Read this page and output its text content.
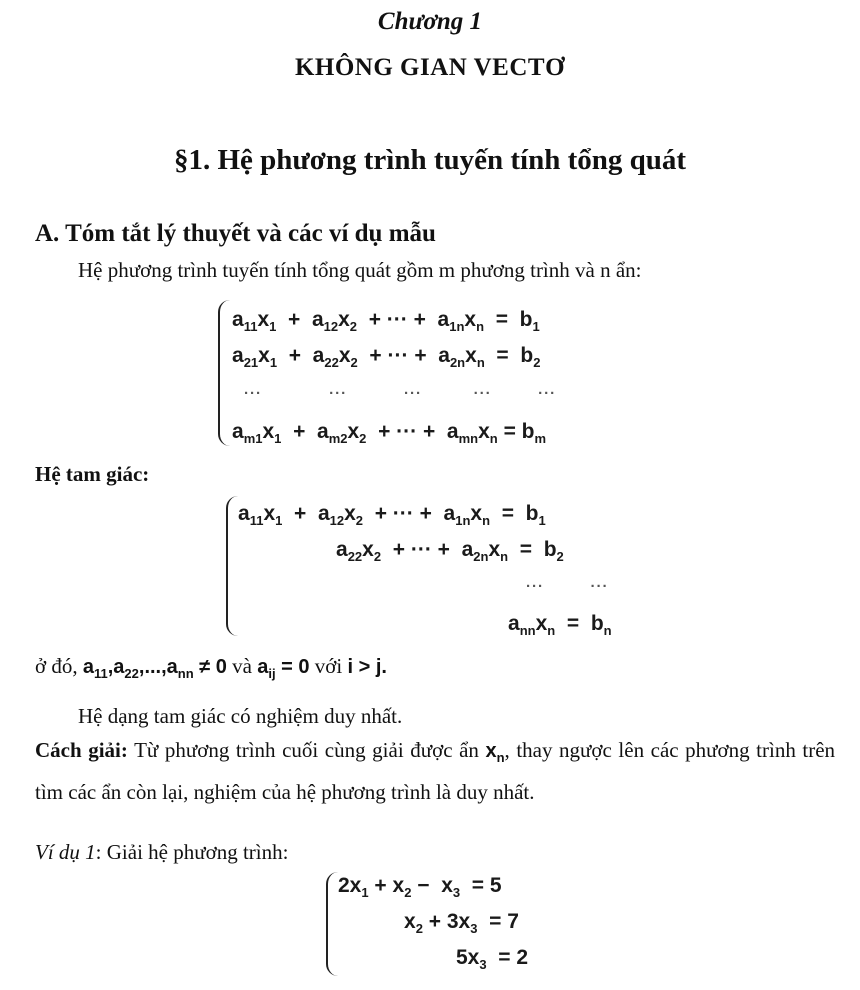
Chương 1
KHÔNG GIAN VECTƠ
§1. Hệ phương trình tuyến tính tổng quát
A. Tóm tắt lý thuyết và các ví dụ mẫu
Hệ phương trình tuyến tính tổng quát gồm m phương trình và n ẩn:
$a_{11}x_1 + a_{12}x_2$  + ··· +  $a_{1n}x_n = b_1$
$a_{21}x_1 + a_{22}x_2$  + ··· +  $a_{2n}x_n = b_2$
···             ···           ···          ···         ···
$a_{m1}x_1 + a_{m2}x_2$  + ··· +  $a_{mn}x_n = b_m$
Hệ tam giác:
$a_{11}x_1 + a_{12}x_2$  + ··· +  $a_{1n}x_n = b_1$
$a_{22}x_2$  + ··· +  $a_{2n}x_n = b_2$
···         ···
$a_{nn}x_n = b_n$
ở đó, $a_{11},a_{22},...,a_{nn} \ne 0$ và $a_{ij} = 0$ với i > j.
Hệ dạng tam giác có nghiệm duy nhất.
Cách giải: Từ phương trình cuối cùng giải được ẩn $x_n$, thay ngược lên các phương trình trên tìm các ẩn còn lại, nghiệm của hệ phương trình là duy nhất.
Ví dụ 1: Giải hệ phương trình:
$2x_1 + x_2 - x_3 = 5$
$x_2 + 3x_3 = 7$
$5x_3 = 2$
